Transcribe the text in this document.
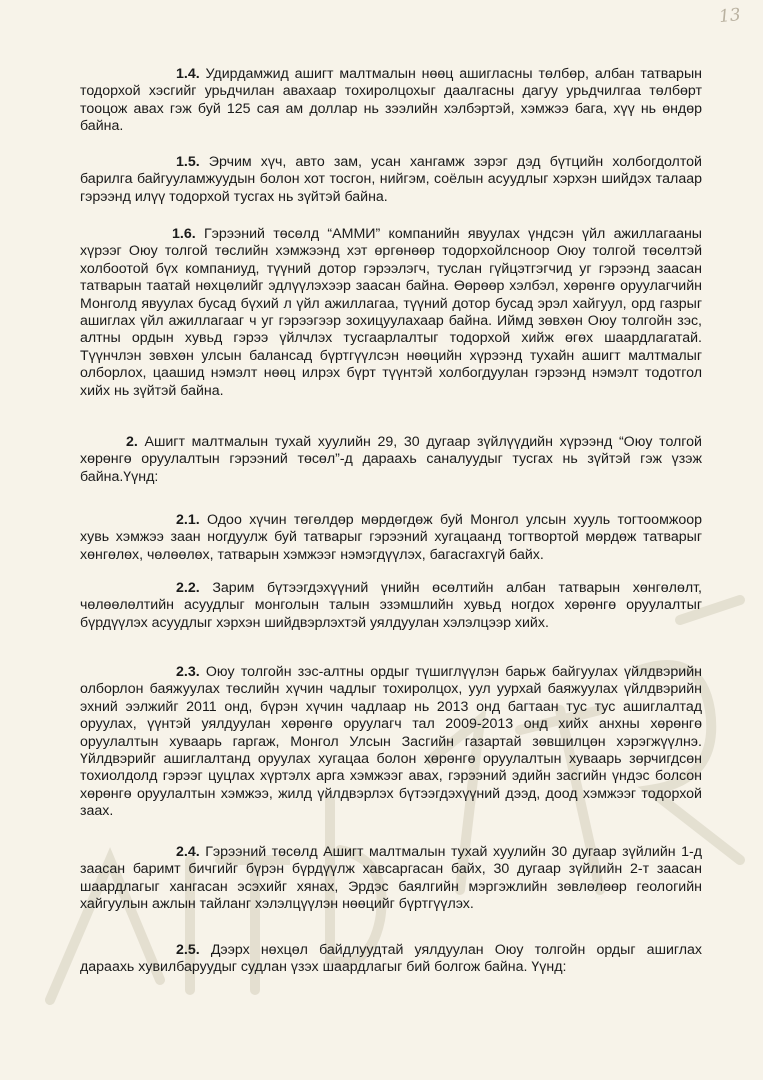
13

1.4. Удирдамжид ашигт малтмалын нөөц ашигласны төлбөр, албан татварын тодорхой хэсгийг урьдчилан авахаар тохиролцохыг даалгасны дагуу урьдчилгаа төлбөрт тооцож авах гэж буй 125 сая ам доллар нь зээлийн хэлбэртэй, хэмжээ бага, хүү нь өндөр байна.

1.5. Эрчим хүч, авто зам, усан хангамж зэрэг дэд бүтцийн холбогдолтой барилга байгууламжуудын болон хот тосгон, нийгэм, соёлын асуудлыг хэрхэн шийдэх талаар гэрээнд илүү тодорхой тусгах нь зүйтэй байна.

1.6. Гэрээний төсөлд “АММИ” компанийн явуулах үндсэн үйл ажиллагааны хүрээг Оюу толгой төслийн хэмжээнд хэт өргөнөөр тодорхойлсноор Оюу толгой төсөлтэй холбоотой бүх компаниуд, түүний дотор гэрээлэгч, туслан гүйцэтгэгчид уг гэрээнд заасан татварын таатай нөхцөлийг эдлүүлэхээр заасан байна. Өөрөөр хэлбэл, хөрөнгө оруулагчийн Монголд явуулах бусад бүхий л үйл ажиллагаа, түүний дотор бусад эрэл хайгуул, орд газрыг ашиглах үйл ажиллагааг ч уг гэрээгээр зохицуулахаар байна. Иймд зөвхөн Оюу толгойн зэс, алтны ордын хувьд гэрээ үйлчлэх тусгаарлалтыг тодорхой хийж өгөх шаардлагатай. Түүнчлэн зөвхөн улсын балансад бүртгүүлсэн нөөцийн хүрээнд тухайн ашигт малтмалыг олборлох, цаашид нэмэлт нөөц илрэх бүрт түүнтэй холбогдуулан гэрээнд нэмэлт тодотгол хийх нь зүйтэй байна.

2. Ашигт малтмалын тухай хуулийн 29, 30 дугаар зүйлүүдийн хүрээнд “Оюу толгой хөрөнгө оруулалтын гэрээний төсөл”-д дараахь саналуудыг тусгах нь зүйтэй гэж үзэж байна.Үүнд:

2.1. Одоо хүчин төгөлдөр мөрдөгдөж буй Монгол улсын хууль тогтоомжоор хувь хэмжээ заан ногдуулж буй татварыг гэрээний хугацаанд тогтвортой мөрдөж татварыг хөнгөлөх, чөлөөлөх, татварын хэмжээг нэмэгдүүлэх, багасгахгүй байх.

2.2. Зарим бүтээгдэхүүний үнийн өсөлтийн албан татварын хөнгөлөлт, чөлөөлөлтийн асуудлыг монголын талын эзэмшлийн хувьд ногдох хөрөнгө оруулалтыг бүрдүүлэх асуудлыг хэрхэн шийдвэрлэхтэй уялдуулан хэлэлцээр хийх.

2.3. Оюу толгойн зэс-алтны ордыг түшиглүүлэн барьж байгуулах үйлдвэрийн олборлон баяжуулах төслийн хүчин чадлыг тохиролцох, уул уурхай баяжуулах үйлдвэрийн эхний ээлжийг 2011 онд, бүрэн хүчин чадлаар нь 2013 онд багтаан тус тус ашиглалтад оруулах, үүнтэй уялдуулан хөрөнгө оруулагч тал 2009-2013 онд хийх анхны хөрөнгө оруулалтын хуваарь гаргаж, Монгол Улсын Засгийн газартай зөвшилцөн хэрэгжүүлнэ. Үйлдвэрийг ашиглалтанд оруулах хугацаа болон хөрөнгө оруулалтын хуваарь зөрчигдсөн тохиолдолд гэрээг цуцлах хүртэлх арга хэмжээг авах, гэрээний эдийн засгийн үндэс болсон хөрөнгө оруулалтын хэмжээ, жилд үйлдвэрлэх бүтээгдэхүүний дээд, доод хэмжээг тодорхой заах.

2.4. Гэрээний төсөлд Ашигт малтмалын тухай хуулийн 30 дугаар зүйлийн 1-д заасан баримт бичгийг бүрэн бүрдүүлж хавсаргасан байх, 30 дугаар зүйлийн 2-т заасан шаардлагыг хангасан эсэхийг хянах, Эрдэс баялгийн мэргэжлийн зөвлөлөөр геологийн хайгуулын ажлын тайланг хэлэлцүүлэн нөөцийг бүртгүүлэх.

2.5. Дээрх нөхцөл байдлуудтай уялдуулан Оюу толгойн ордыг ашиглах дараахь хувилбаруудыг судлан үзэх шаардлагыг бий болгож байна. Үүнд:
